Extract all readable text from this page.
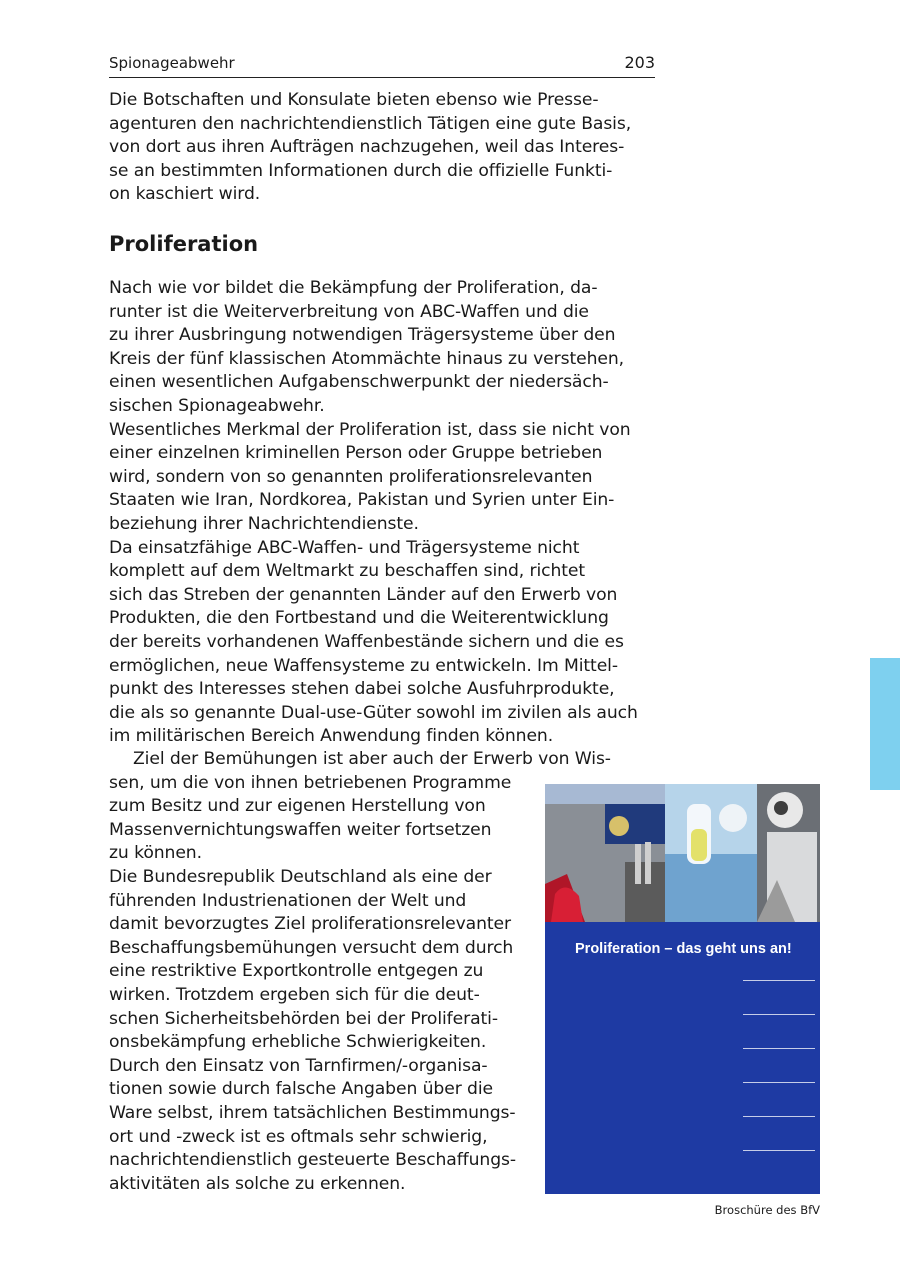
Spionageabwehr	203
Die Botschaften und Konsulate bieten ebenso wie Presse-
agenturen den nachrichtendienstlich Tätigen eine gute Basis,
von dort aus ihren Aufträgen nachzugehen, weil das Interes-
se an bestimmten Informationen durch die offizielle Funkti-
on kaschiert wird.
Proliferation
Nach wie vor bildet die Bekämpfung der Proliferation, da-
runter ist die Weiterverbreitung von ABC-Waffen und die
zu ihrer Ausbringung notwendigen Trägersysteme über den
Kreis der fünf klassischen Atommächte hinaus zu verstehen,
einen wesentlichen Aufgabenschwerpunkt der niedersäch-
sischen Spionageabwehr.
Wesentliches Merkmal der Proliferation ist, dass sie nicht von
einer einzelnen kriminellen Person oder Gruppe betrieben
wird, sondern von so genannten proliferationsrelevanten
Staaten wie Iran, Nordkorea, Pakistan und Syrien unter Ein-
beziehung ihrer Nachrichtendienste.
Da einsatzfähige ABC-Waffen- und Trägersysteme nicht
komplett auf dem Weltmarkt zu beschaffen sind, richtet
sich das Streben der genannten Länder auf den Erwerb von
Produkten, die den Fortbestand und die Weiterentwicklung
der bereits vorhandenen Waffenbestände sichern und die es
ermöglichen, neue Waffensysteme zu entwickeln. Im Mittel-
punkt des Interesses stehen dabei solche Ausfuhrprodukte,
die als so genannte Dual-use-Güter sowohl im zivilen als auch
im militärischen Bereich Anwendung finden können.
Ziel der Bemühungen ist aber auch der Erwerb von Wis-
sen, um die von ihnen betriebenen Programme
zum Besitz und zur eigenen Herstellung von
Massenvernichtungswaffen weiter fortsetzen
zu können.
Die Bundesrepublik Deutschland als eine der
führenden Industrienationen der Welt und
damit bevorzugtes Ziel proliferationsrelevanter
Beschaffungsbemühungen versucht dem durch
eine restriktive Exportkontrolle entgegen zu
wirken. Trotzdem ergeben sich für die deut-
schen Sicherheitsbehörden bei der Proliferati-
onsbekämpfung erhebliche Schwierigkeiten.
Durch den Einsatz von Tarnfirmen/-organisa-
tionen sowie durch falsche Angaben über die
Ware selbst, ihrem tatsächlichen Bestimmungs-
ort und -zweck ist es oftmals sehr schwierig,
nachrichtendienstlich gesteuerte Beschaffungs-
aktivitäten als solche zu erkennen.
Proliferation – das geht uns an!

Broschüre des BfV
